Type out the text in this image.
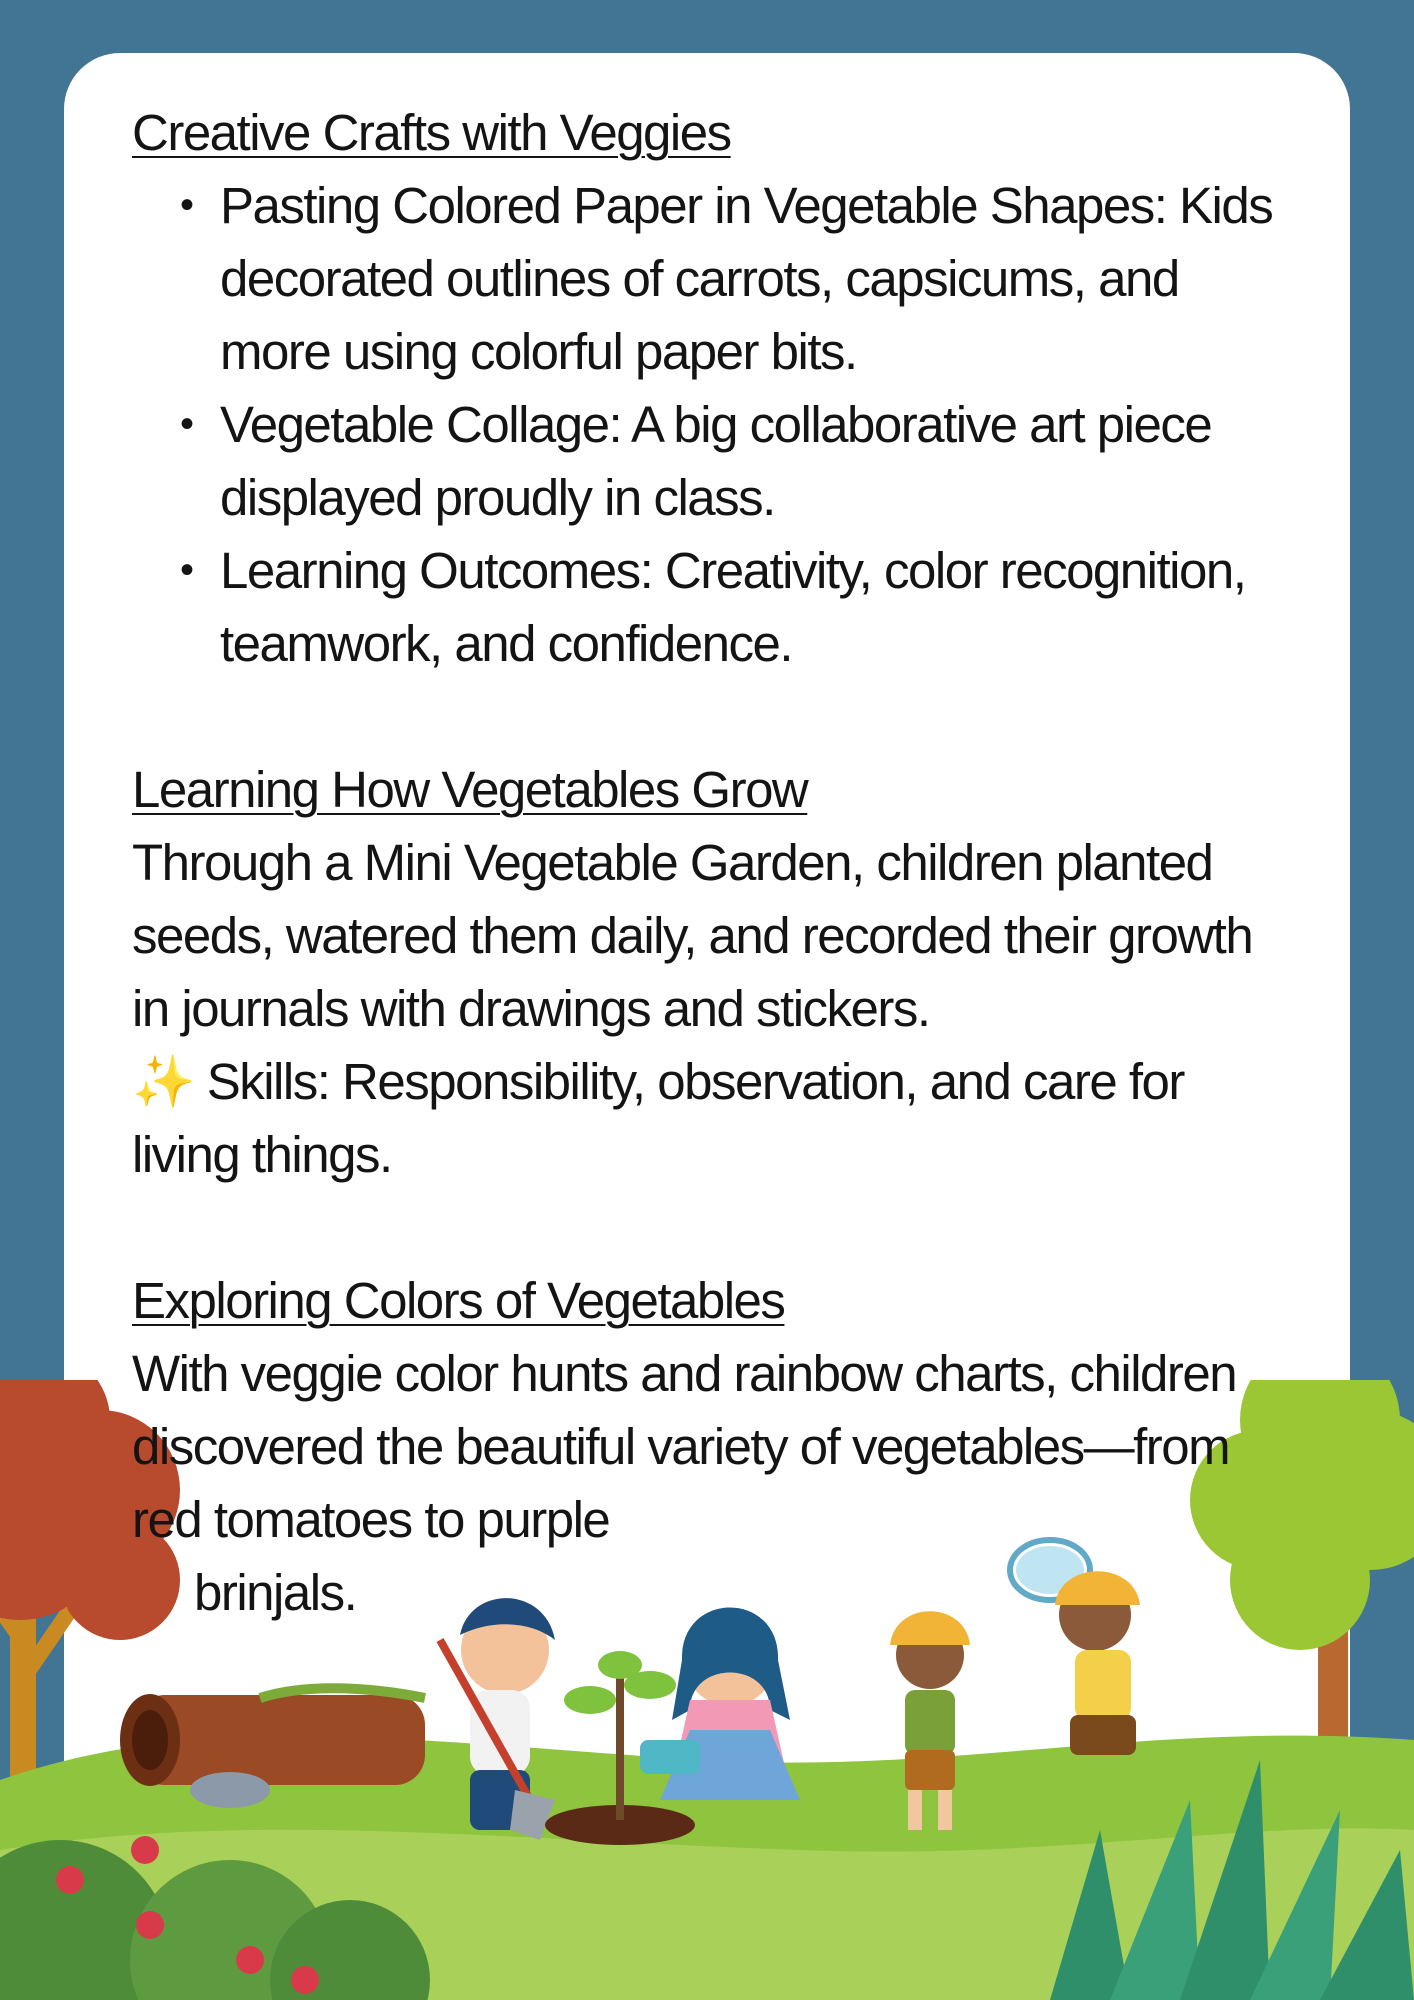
Creative Crafts with Veggies
• Pasting Colored Paper in Vegetable Shapes: Kids decorated outlines of carrots, capsicums, and more using colorful paper bits.
• Vegetable Collage: A big collaborative art piece displayed proudly in class.
• Learning Outcomes: Creativity, color recognition, teamwork, and confidence.
Learning How Vegetables Grow

Through a Mini Vegetable Garden, children planted seeds, watered them daily, and recorded their growth in journals with drawings and stickers.

✨ Skills: Responsibility, observation, and care for living things.

Exploring Colors of Vegetables

With veggie color hunts and rainbow charts, children discovered the beautiful variety of vegetables—from red tomatoes to purple

brinjals.
